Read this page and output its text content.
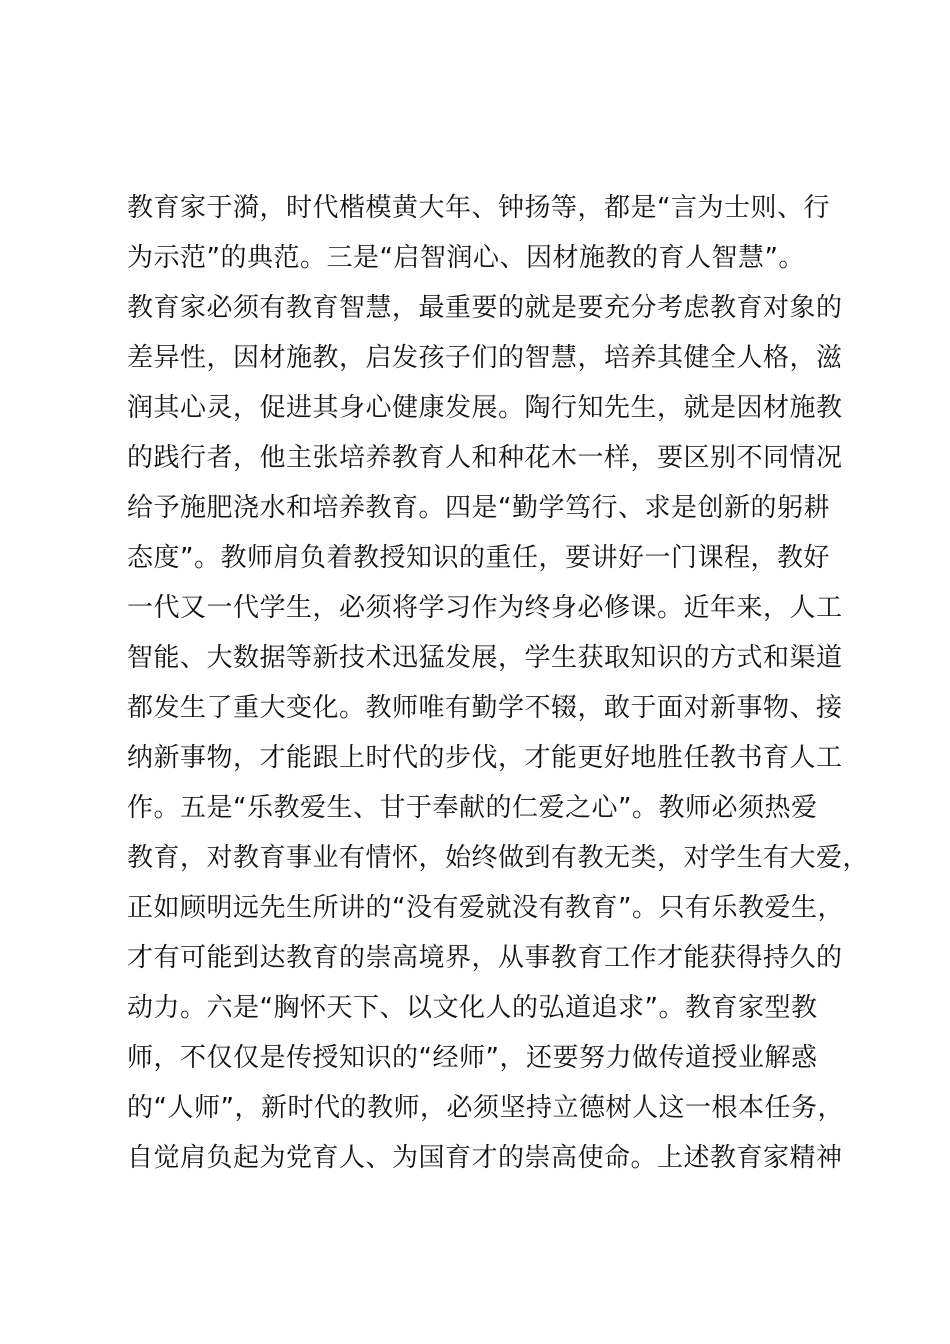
教育家于漪，时代楷模黄大年、钟扬等，都是“言为士则、行
为示范”的典范。三是“启智润心、因材施教的育人智慧”。
教育家必须有教育智慧，最重要的就是要充分考虑教育对象的
差异性，因材施教，启发孩子们的智慧，培养其健全人格，滋
润其心灵，促进其身心健康发展。陶行知先生，就是因材施教
的践行者，他主张培养教育人和种花木一样，要区别不同情况
给予施肥浇水和培养教育。四是“勤学笃行、求是创新的躬耕
态度”。教师肩负着教授知识的重任，要讲好一门课程，教好
一代又一代学生，必须将学习作为终身必修课。近年来，人工
智能、大数据等新技术迅猛发展，学生获取知识的方式和渠道
都发生了重大变化。教师唯有勤学不辍，敢于面对新事物、接
纳新事物，才能跟上时代的步伐，才能更好地胜任教书育人工
作。五是“乐教爱生、甘于奉献的仁爱之心”。教师必须热爱
教育，对教育事业有情怀，始终做到有教无类，对学生有大爱，
正如顾明远先生所讲的“没有爱就没有教育”。只有乐教爱生，
才有可能到达教育的崇高境界，从事教育工作才能获得持久的
动力。六是“胸怀天下、以文化人的弘道追求”。教育家型教
师，不仅仅是传授知识的“经师”，还要努力做传道授业解惑
的“人师”，新时代的教师，必须坚持立德树人这一根本任务，
自觉肩负起为党育人、为国育才的崇高使命。上述教育家精神
